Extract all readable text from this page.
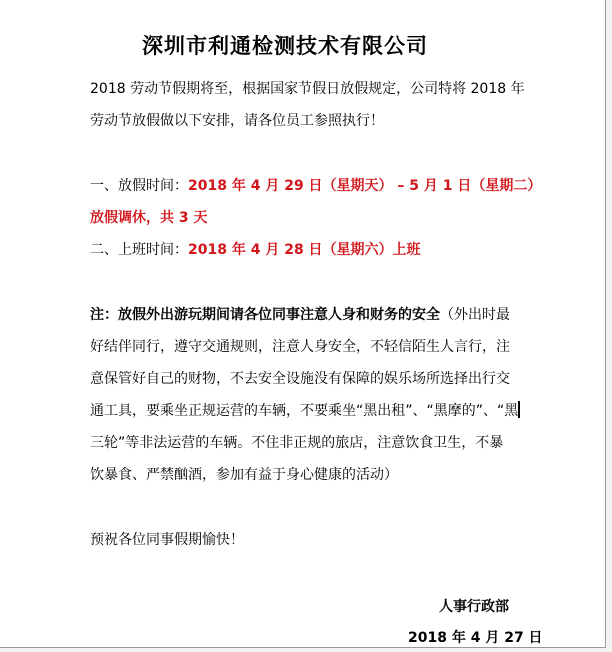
深圳市利通检测技术有限公司
2018 劳动节假期将至，根据国家节假日放假规定，公司特将 2018 年
劳动节放假做以下安排，请各位员工参照执行！
一、放假时间：2018 年 4 月 29 日（星期天） – 5 月 1 日（星期二）
放假调休，共 3 天
二、上班时间：2018 年 4 月 28 日（星期六）上班
注：放假外出游玩期间请各位同事注意人身和财务的安全（外出时最
好结伴同行，遵守交通规则，注意人身安全，不轻信陌生人言行，注
意保管好自己的财物，不去安全设施没有保障的娱乐场所选择出行交
通工具，要乘坐正规运营的车辆，不要乘坐“黑出租”、“黑摩的”、“黑
三轮”等非法运营的车辆。不住非正规的旅店，注意饮食卫生，不暴
饮暴食、严禁酗酒，参加有益于身心健康的活动）
预祝各位同事假期愉快！
人事行政部
2018 年 4 月 27 日
